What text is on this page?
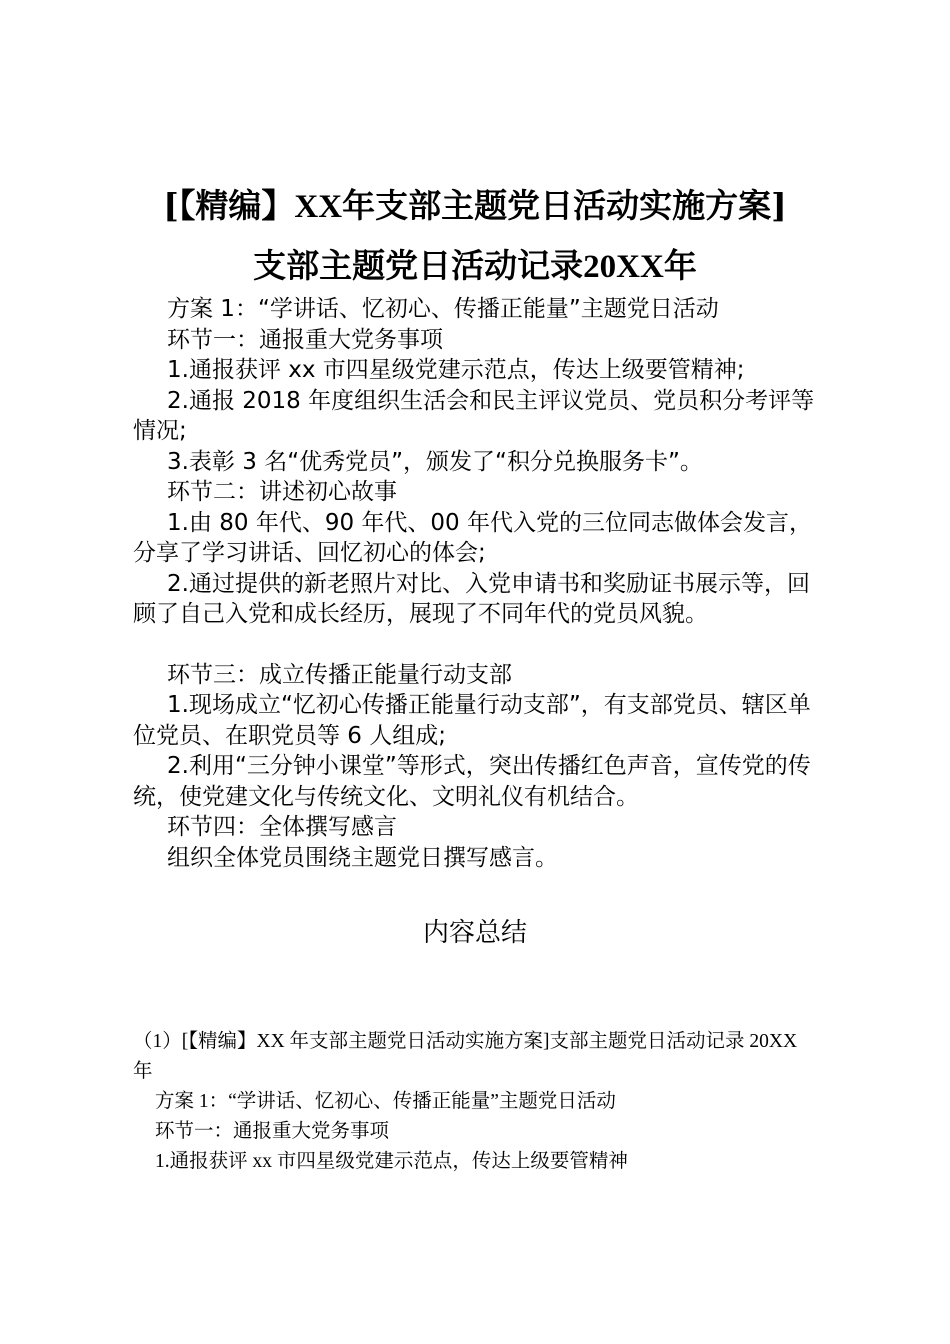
[【精编】XX年支部主题党日活动实施方案]
支部主题党日活动记录20XX年

方案 1：“学讲话、忆初心、传播正能量”主题党日活动

环节一：通报重大党务事项

1.通报获评 xx 市四星级党建示范点，传达上级要管精神;

2.通报 2018 年度组织生活会和民主评议党员、党员积分考评等情况;

3.表彰 3 名“优秀党员”，颁发了“积分兑换服务卡”。

环节二：讲述初心故事

1.由 80 年代、90 年代、00 年代入党的三位同志做体会发言，分享了学习讲话、回忆初心的体会;

2.通过提供的新老照片对比、入党申请书和奖励证书展示等，回顾了自己入党和成长经历，展现了不同年代的党员风貌。

环节三：成立传播正能量行动支部

1.现场成立“忆初心传播正能量行动支部”，有支部党员、辖区单位党员、在职党员等 6 人组成;

2.利用“三分钟小课堂”等形式，突出传播红色声音，宣传党的传统，使党建文化与传统文化、文明礼仪有机结合。

环节四：全体撰写感言

组织全体党员围绕主题党日撰写感言。

内容总结

（1）[【精编】XX 年支部主题党日活动实施方案]支部主题党日活动记录 20XX 年

方案 1：“学讲话、忆初心、传播正能量”主题党日活动

环节一：通报重大党务事项

1.通报获评 xx 市四星级党建示范点，传达上级要管精神
